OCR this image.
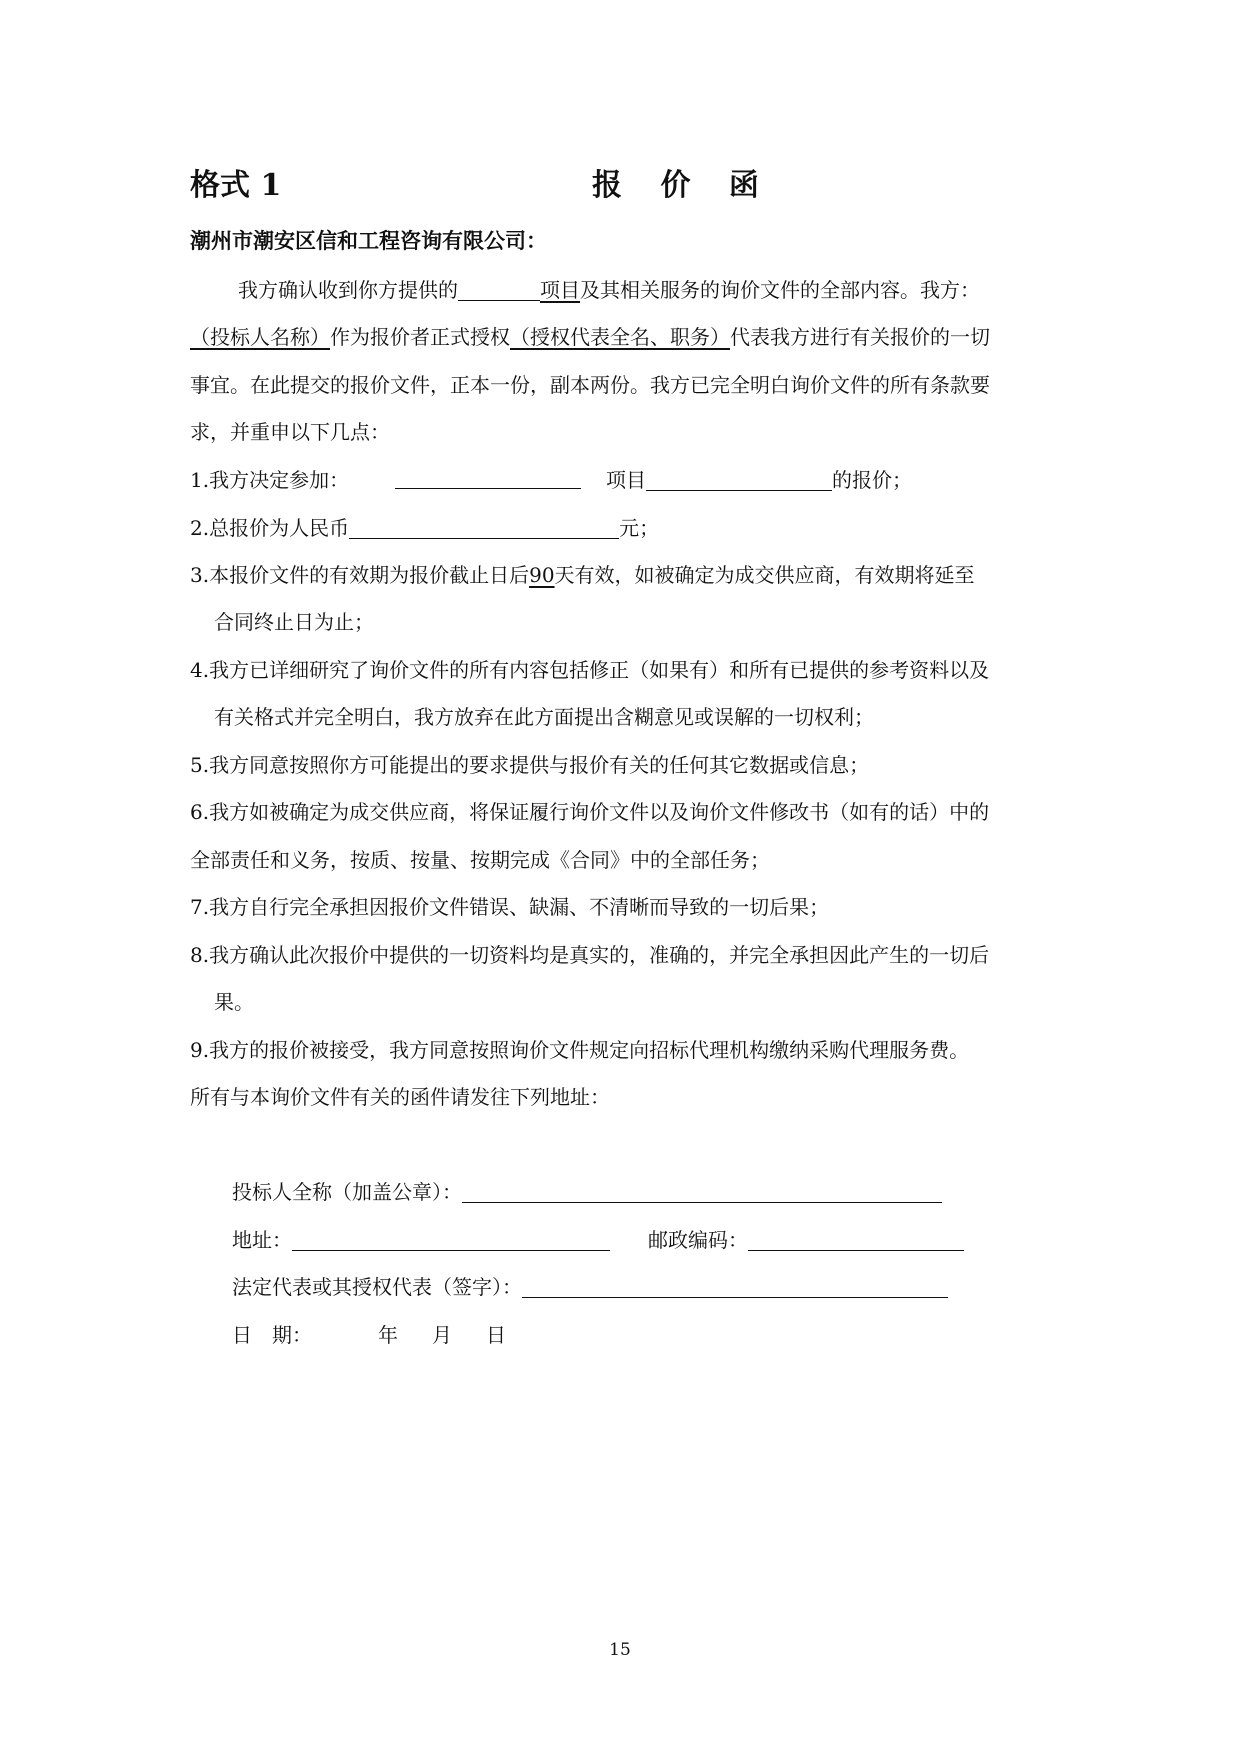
格式 1	报 价 函
潮州市潮安区信和工程咨询有限公司：
我方确认收到你方提供的	项目及其相关服务的询价文件的全部内容。我方：
（投标人名称）作为报价者正式授权（授权代表全名、职务）代表我方进行有关报价的一切
事宜。在此提交的报价文件，正本一份，副本两份。我方已完全明白询价文件的所有条款要
求，并重申以下几点：
1.我方决定参加：	项目	的报价；
2.总报价为人民币	元；
3.本报价文件的有效期为报价截止日后90天有效，如被确定为成交供应商，有效期将延至
合同终止日为止；
4.我方已详细研究了询价文件的所有内容包括修正（如果有）和所有已提供的参考资料以及
有关格式并完全明白，我方放弃在此方面提出含糊意见或误解的一切权利；
5.我方同意按照你方可能提出的要求提供与报价有关的任何其它数据或信息；
6.我方如被确定为成交供应商，将保证履行询价文件以及询价文件修改书（如有的话）中的
全部责任和义务，按质、按量、按期完成《合同》中的全部任务；
7.我方自行完全承担因报价文件错误、缺漏、不清晰而导致的一切后果；
8.我方确认此次报价中提供的一切资料均是真实的，准确的，并完全承担因此产生的一切后
果。
9.我方的报价被接受，我方同意按照询价文件规定向招标代理机构缴纳采购代理服务费。
所有与本询价文件有关的函件请发往下列地址：
投标人全称（加盖公章）：
地址：	邮政编码：
法定代表或其授权代表（签字）：
日　期：	年 月 日
15
